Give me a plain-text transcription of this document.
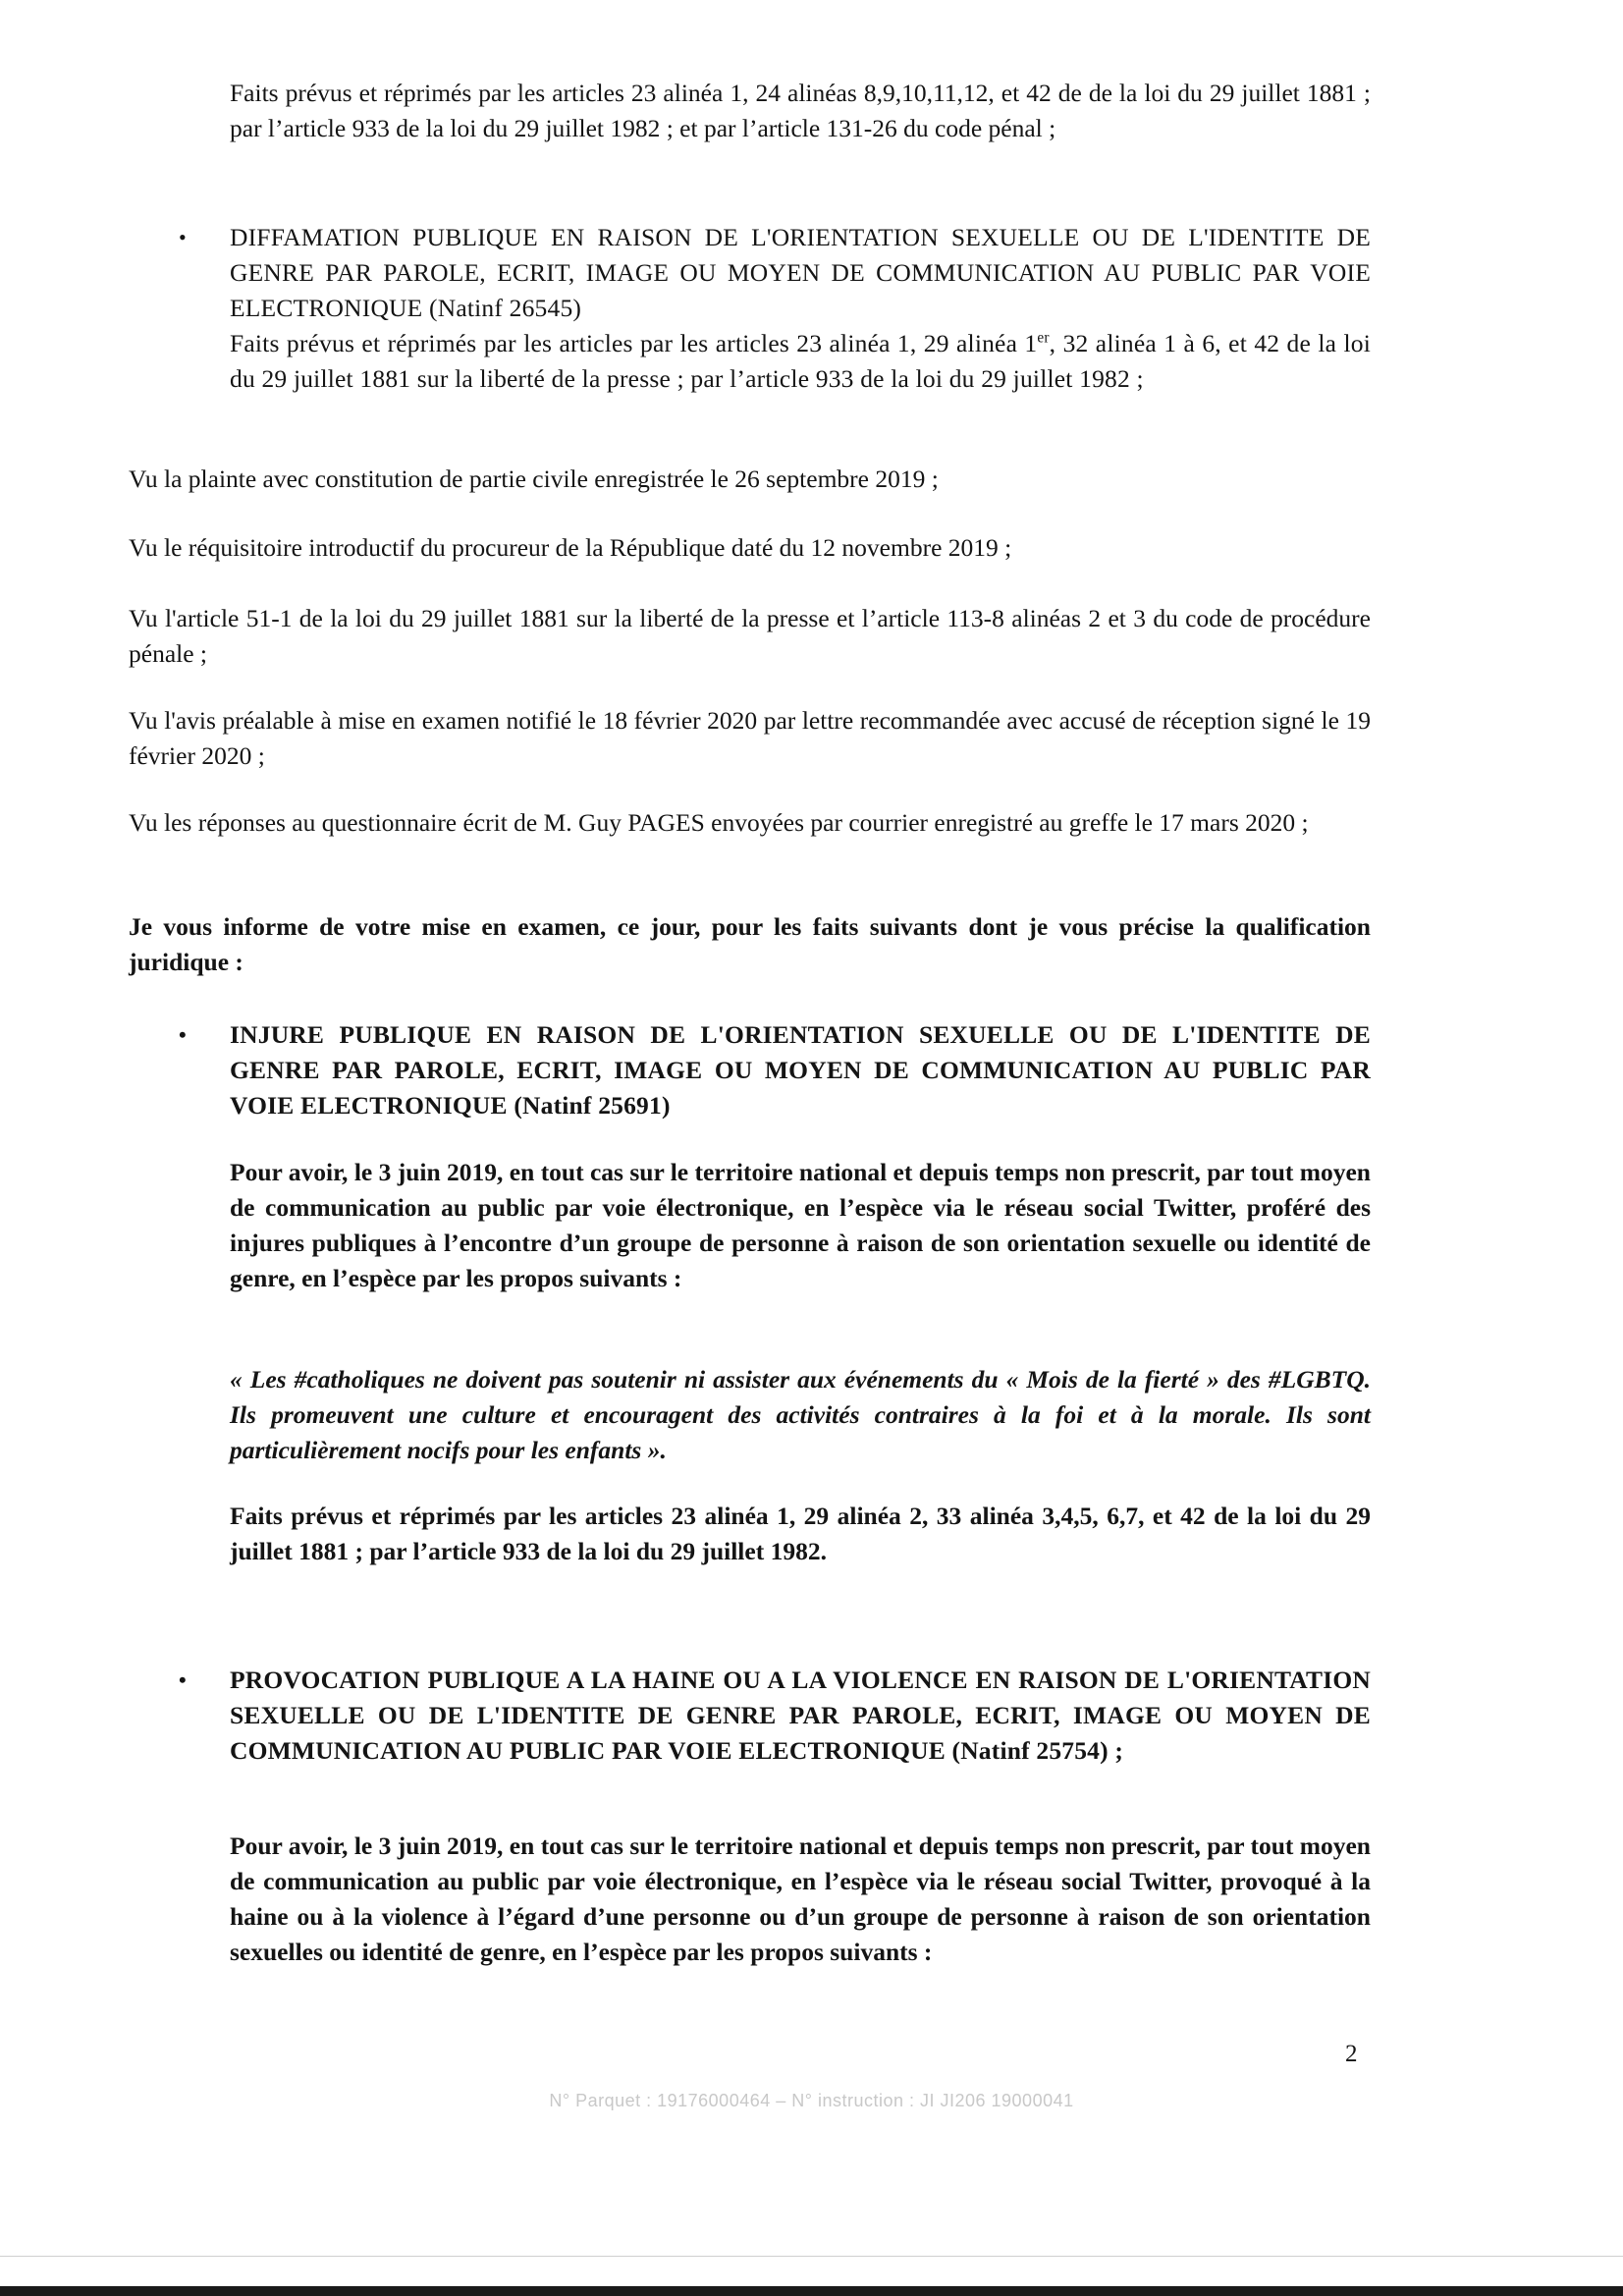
Faits prévus et réprimés par les articles 23 alinéa 1, 24 alinéas 8,9,10,11,12, et 42 de de la loi du 29 juillet 1881 ; par l’article 933 de la loi du 29 juillet 1982 ; et par l’article 131-26 du code pénal ;

• DIFFAMATION PUBLIQUE EN RAISON DE L'ORIENTATION SEXUELLE OU DE L'IDENTITE DE GENRE PAR PAROLE, ECRIT, IMAGE OU MOYEN DE COMMUNICATION AU PUBLIC PAR VOIE ELECTRONIQUE (Natinf 26545)

Faits prévus et réprimés par les articles par les articles 23 alinéa 1, 29 alinéa 1er, 32 alinéa 1 à 6, et 42 de la loi du 29 juillet 1881 sur la liberté de la presse ; par l’article 933 de la loi du 29 juillet 1982 ;

Vu la plainte avec constitution de partie civile enregistrée le 26 septembre 2019 ;

Vu le réquisitoire introductif du procureur de la République daté du 12 novembre 2019 ;

Vu l'article 51-1 de la loi du 29 juillet 1881 sur la liberté de la presse et l’article 113-8 alinéas 2 et 3 du code de procédure pénale ;

Vu l'avis préalable à mise en examen notifié le 18 février 2020 par lettre recommandée avec accusé de réception signé le 19 février 2020 ;

Vu les réponses au questionnaire écrit de M. Guy PAGES envoyées par courrier enregistré au greffe le 17 mars 2020 ;

Je vous informe de votre mise en examen, ce jour, pour les faits suivants dont je vous précise la qualification juridique :

• INJURE PUBLIQUE EN RAISON DE L'ORIENTATION SEXUELLE OU DE L'IDENTITE DE GENRE PAR PAROLE, ECRIT, IMAGE OU MOYEN DE COMMUNICATION AU PUBLIC PAR VOIE ELECTRONIQUE (Natinf 25691)

Pour avoir, le 3 juin 2019, en tout cas sur le territoire national et depuis temps non prescrit, par tout moyen de communication au public par voie électronique, en l’espèce via le réseau social Twitter, proféré des injures publiques à l’encontre d’un groupe de personne à raison de son orientation sexuelle ou identité de genre, en l’espèce par les propos suivants :

« Les #catholiques ne doivent pas soutenir ni assister aux événements du « Mois de la fierté » des #LGBTQ. Ils promeuvent une culture et encouragent des activités contraires à la foi et à la morale. Ils sont particulièrement nocifs pour les enfants ».

Faits prévus et réprimés par les articles 23 alinéa 1, 29 alinéa 2, 33 alinéa 3,4,5, 6,7, et 42 de la loi du 29 juillet 1881 ; par l’article 933 de la loi du 29 juillet 1982.

• PROVOCATION PUBLIQUE A LA HAINE OU A LA VIOLENCE EN RAISON DE L'ORIENTATION SEXUELLE OU DE L'IDENTITE DE GENRE PAR PAROLE, ECRIT, IMAGE OU MOYEN DE COMMUNICATION AU PUBLIC PAR VOIE ELECTRONIQUE (Natinf 25754) ;

Pour avoir, le 3 juin 2019, en tout cas sur le territoire national et depuis temps non prescrit, par tout moyen de communication au public par voie électronique, en l’espèce via le réseau social Twitter, provoqué à la haine ou à la violence à l’égard d’une personne ou d’un groupe de personne à raison de son orientation sexuelles ou identité de genre, en l’espèce par les propos suivants :

2
N° Parquet : 19176000464 – N° instruction : JI JI206 19000041
